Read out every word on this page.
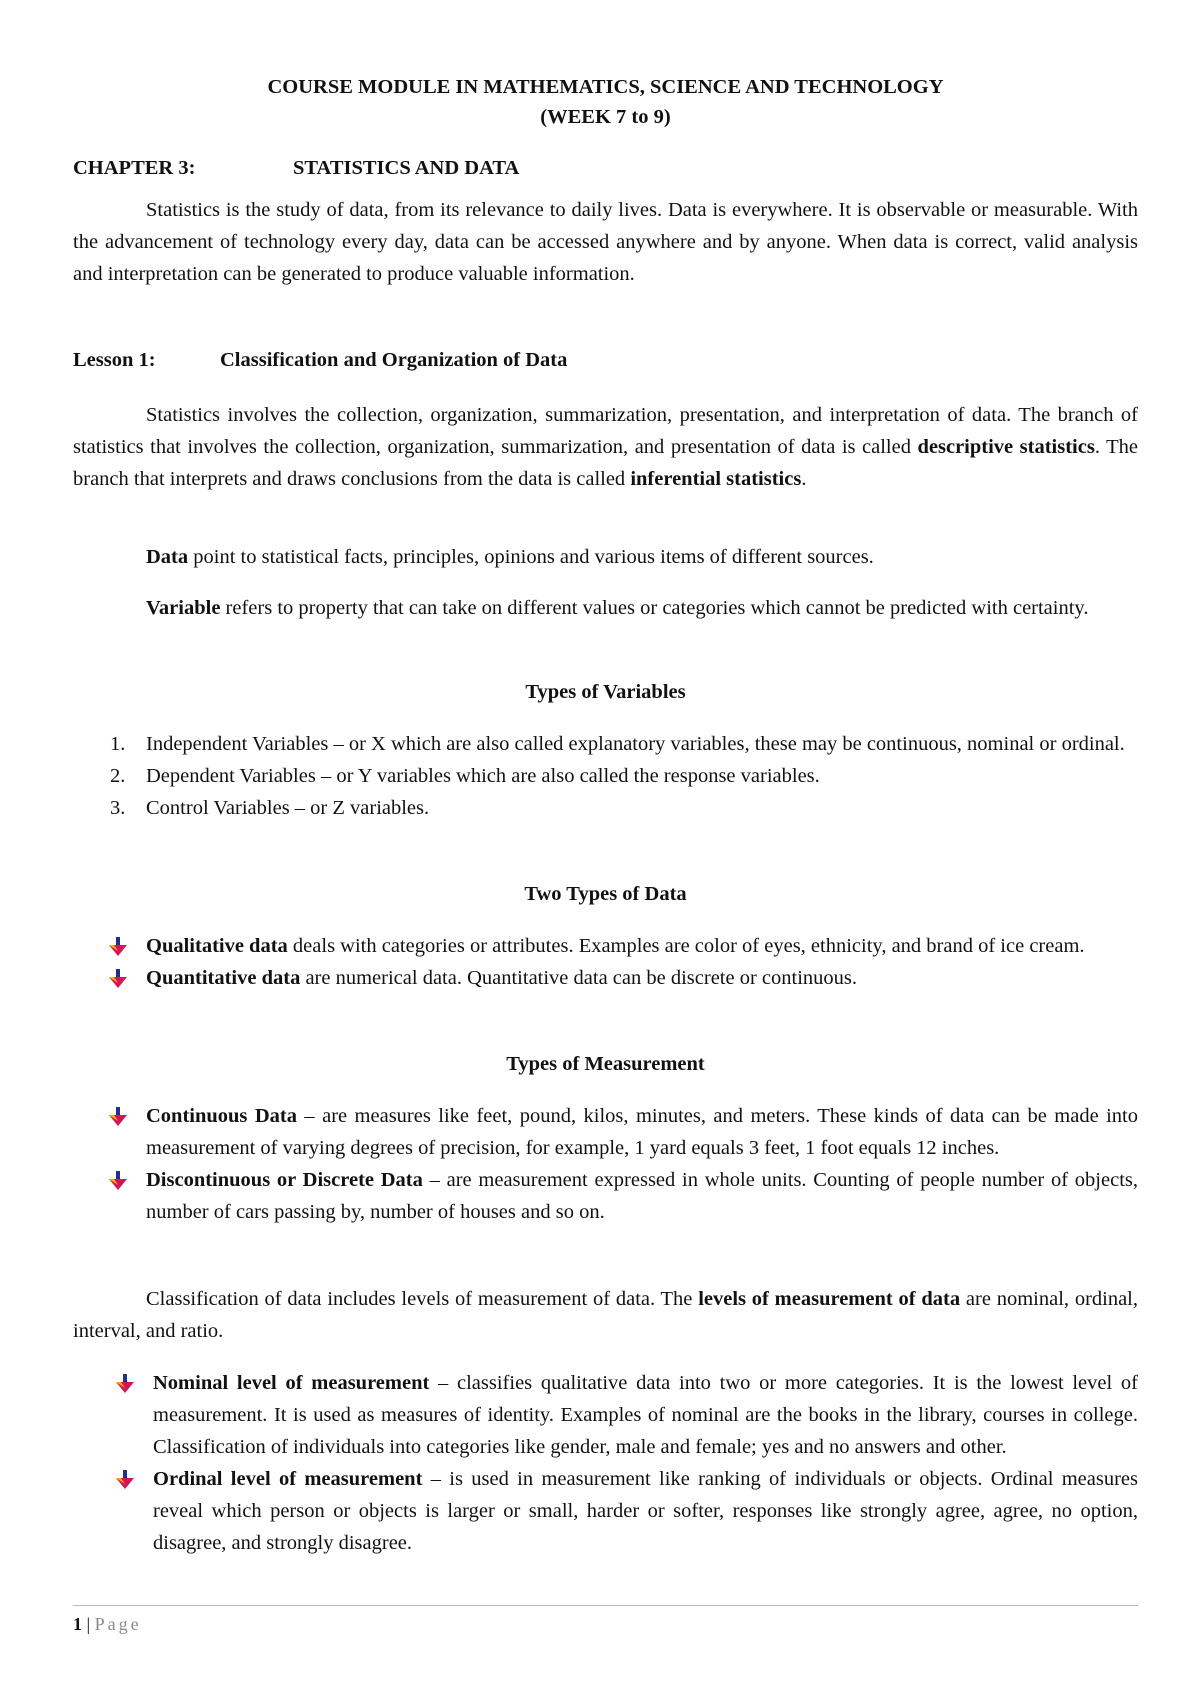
COURSE MODULE IN MATHEMATICS, SCIENCE AND TECHNOLOGY

(WEEK 7 to 9)

CHAPTER 3:	STATISTICS AND DATA

Statistics is the study of data, from its relevance to daily lives. Data is everywhere. It is observable or measurable. With the advancement of technology every day, data can be accessed anywhere and by anyone. When data is correct, valid analysis and interpretation can be generated to produce valuable information.

Lesson 1:	Classification and Organization of Data

Statistics involves the collection, organization, summarization, presentation, and interpretation of data. The branch of statistics that involves the collection, organization, summarization, and presentation of data is called descriptive statistics. The branch that interprets and draws conclusions from the data is called inferential statistics.

Data point to statistical facts, principles, opinions and various items of different sources.

Variable refers to property that can take on different values or categories which cannot be predicted with certainty.

Types of Variables

1. Independent Variables – or X which are also called explanatory variables, these may be continuous, nominal or ordinal.
2. Dependent Variables – or Y variables which are also called the response variables.
3. Control Variables – or Z variables.

Two Types of Data

Qualitative data deals with categories or attributes. Examples are color of eyes, ethnicity, and brand of ice cream.
Quantitative data are numerical data. Quantitative data can be discrete or continuous.

Types of Measurement

Continuous Data – are measures like feet, pound, kilos, minutes, and meters. These kinds of data can be made into measurement of varying degrees of precision, for example, 1 yard equals 3 feet, 1 foot equals 12 inches.
Discontinuous or Discrete Data – are measurement expressed in whole units. Counting of people number of objects, number of cars passing by, number of houses and so on.

Classification of data includes levels of measurement of data. The levels of measurement of data are nominal, ordinal, interval, and ratio.

Nominal level of measurement – classifies qualitative data into two or more categories. It is the lowest level of measurement. It is used as measures of identity. Examples of nominal are the books in the library, courses in college. Classification of individuals into categories like gender, male and female; yes and no answers and other.
Ordinal level of measurement – is used in measurement like ranking of individuals or objects. Ordinal measures reveal which person or objects is larger or small, harder or softer, responses like strongly agree, agree, no option, disagree, and strongly disagree.
1 | Page
